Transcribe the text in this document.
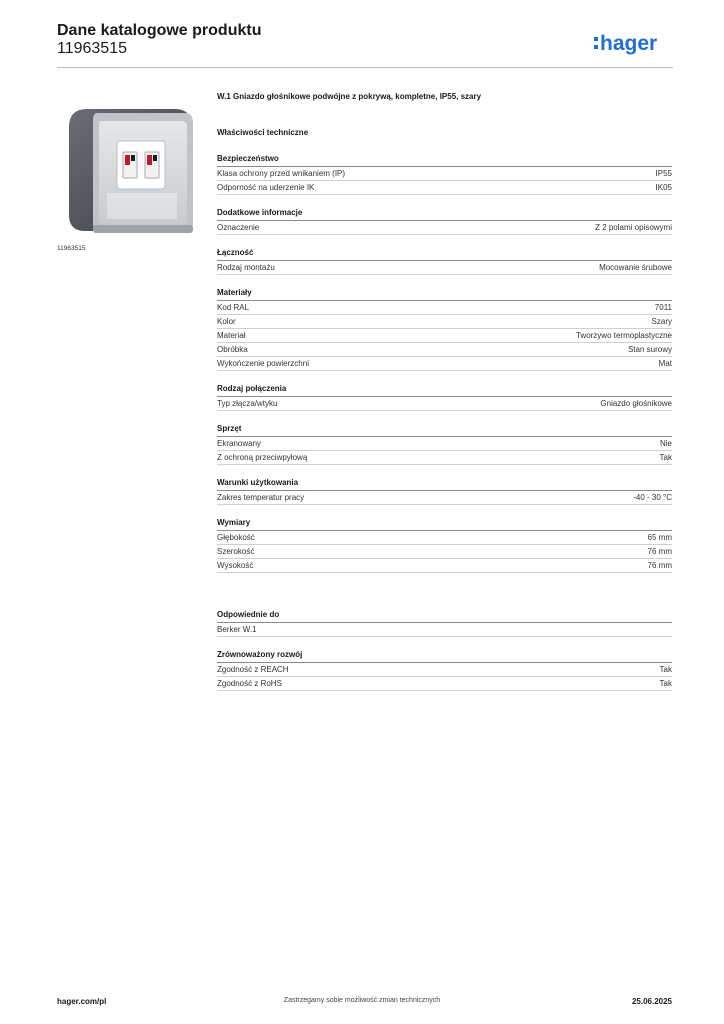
Dane katalogowe produktu
11963515	hager
11963515
W.1 Gniazdo głośnikowe podwójne z pokrywą, kompletne, IP55, szary
Właściwości techniczne
Bezpieczeństwo
Klasa ochrony przed wnikaniem (IP)	IP55
Odporność na uderzenie IK	IK05
Dodatkowe informacje
Oznaczenie	Z 2 polami opisowymi
Łączność
Rodzaj montażu	Mocowanie śrubowe
Materiały
Kod RAL	7011
Kolor	Szary
Materiał	Tworzywo termoplastyczne
Obróbka	Stan surowy
Wykończenie powierzchni	Mat
Rodzaj połączenia
Typ złącza/wtyku	Gniazdo głośnikowe
Sprzęt
Ekranowany	Nie
Z ochroną przeciwpyłową	Tak
Warunki użytkowania
Zakres temperatur pracy	-40 - 30 °C
Wymiary
Głębokość	65 mm
Szerokość	76 mm
Wysokość	76 mm
Odpowiednie do
Berker W.1
Zrównoważony rozwój
Zgodność z REACH	Tak
Zgodność z RoHS	Tak
hager.com/pl	Zastrzegamy sobie możliwość zmian technicznych	25.06.2025
